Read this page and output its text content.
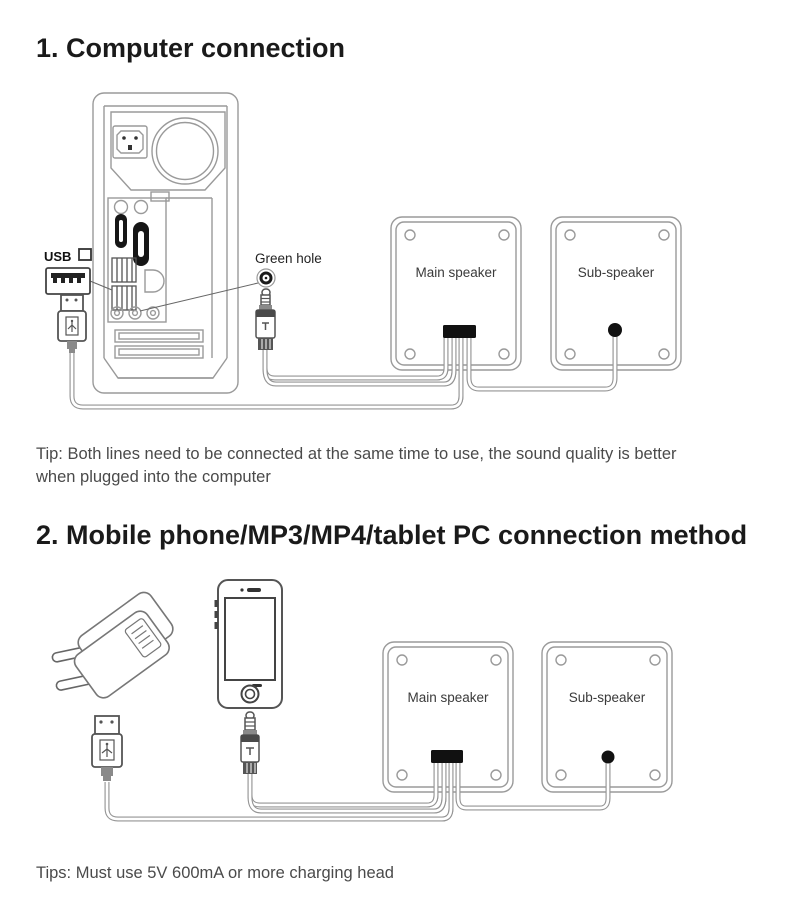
1. Computer connection
USB	Green hole
Main speaker	Sub-speaker

Tip: Both lines need to be connected at the same time to use, the sound quality is better when plugged into the computer

2. Mobile phone/MP3/MP4/tablet PC connection method
Main speaker	Sub-speaker

Tips: Must use 5V 600mA or more charging head
